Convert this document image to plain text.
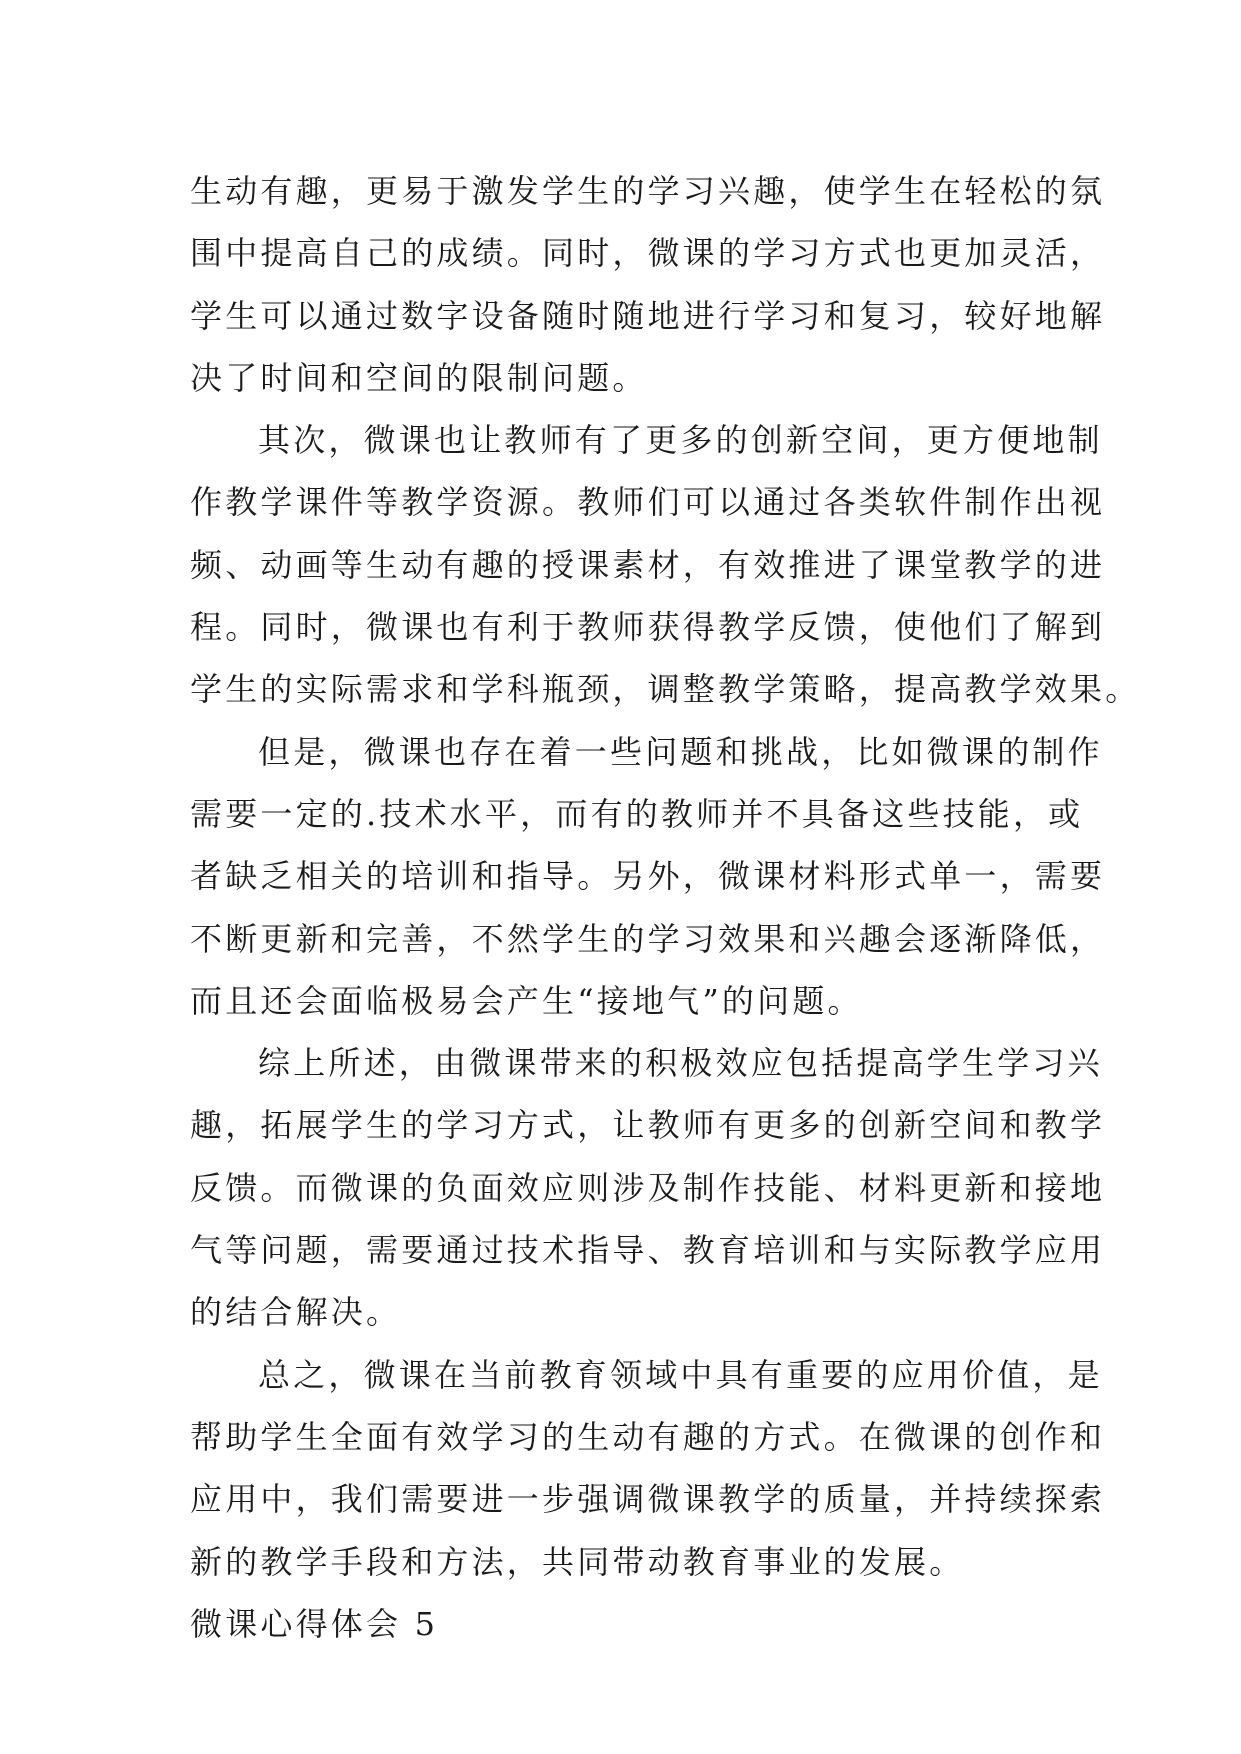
生动有趣，更易于激发学生的学习兴趣，使学生在轻松的氛
围中提高自己的成绩。同时，微课的学习方式也更加灵活，
学生可以通过数字设备随时随地进行学习和复习，较好地解
决了时间和空间的限制问题。
其次，微课也让教师有了更多的创新空间，更方便地制
作教学课件等教学资源。教师们可以通过各类软件制作出视
频、动画等生动有趣的授课素材，有效推进了课堂教学的进
程。同时，微课也有利于教师获得教学反馈，使他们了解到
学生的实际需求和学科瓶颈，调整教学策略，提高教学效果。
但是，微课也存在着一些问题和挑战，比如微课的制作
需要一定的.技术水平，而有的教师并不具备这些技能，或
者缺乏相关的培训和指导。另外，微课材料形式单一，需要
不断更新和完善，不然学生的学习效果和兴趣会逐渐降低，
而且还会面临极易会产生“接地气”的问题。
综上所述，由微课带来的积极效应包括提高学生学习兴
趣，拓展学生的学习方式，让教师有更多的创新空间和教学
反馈。而微课的负面效应则涉及制作技能、材料更新和接地
气等问题，需要通过技术指导、教育培训和与实际教学应用
的结合解决。
总之，微课在当前教育领域中具有重要的应用价值，是
帮助学生全面有效学习的生动有趣的方式。在微课的创作和
应用中，我们需要进一步强调微课教学的质量，并持续探索
新的教学手段和方法，共同带动教育事业的发展。
微课心得体会 5
